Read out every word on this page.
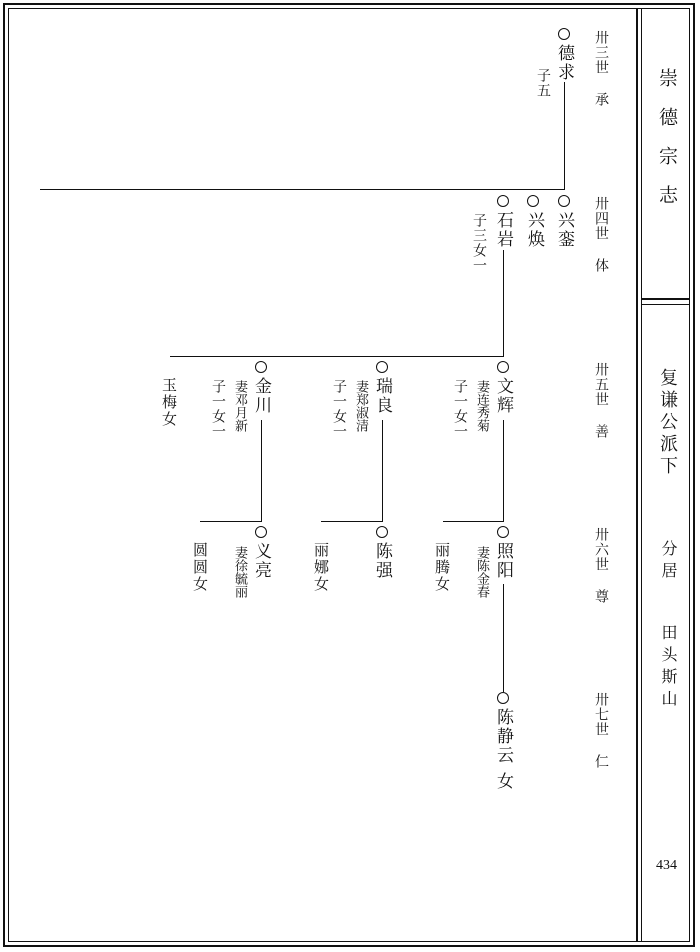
崇德宗志
复谦公派下
分居
田头斯山
434
卅三世
承
卅四世
体
卅五世
善
卅六世
尊
卅七世
仁
德求
子五
兴銮
兴焕
石岩
子三女一
文辉
妻连秀菊
子一女一
瑞良
妻郑淑清
子一女一
金川
妻邓月新
子一女一
玉梅女
照阳
妻陈金春
丽腾女
陈强
丽娜女
义亮
妻徐毓丽
圆圆女
陈静云
女
